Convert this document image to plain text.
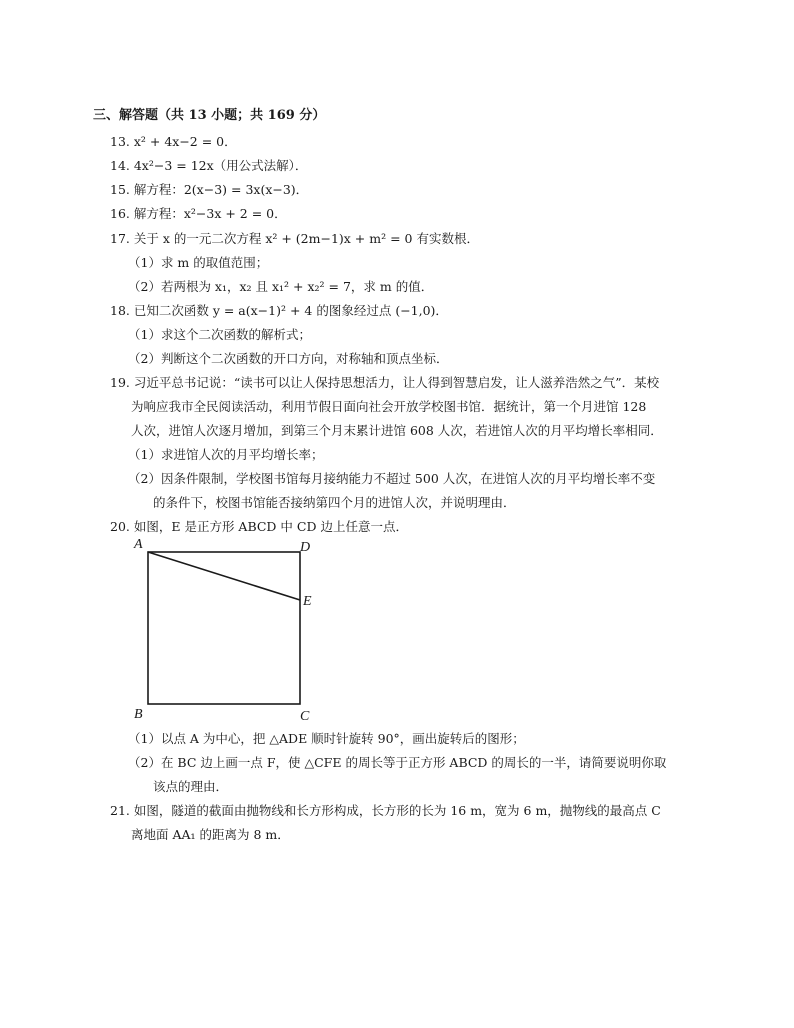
三、解答题（共 13 小题；共 169 分）
13. x² + 4x−2 = 0．
14. 4x²−3 = 12x（用公式法解）．
15. 解方程：2(x−3) = 3x(x−3)．
16. 解方程：x²−3x + 2 = 0．
17. 关于 x 的一元二次方程 x² + (2m−1)x + m² = 0 有实数根．
（1）求 m 的取值范围；
（2）若两根为 x₁，x₂ 且 x₁² + x₂² = 7，求 m 的值．
18. 已知二次函数 y = a(x−1)² + 4 的图象经过点 (−1,0)．
（1）求这个二次函数的解析式；
（2）判断这个二次函数的开口方向，对称轴和顶点坐标．
19. 习近平总书记说：“读书可以让人保持思想活力，让人得到智慧启发，让人滋养浩然之气”．某校
为响应我市全民阅读活动，利用节假日面向社会开放学校图书馆．据统计，第一个月进馆 128
人次，进馆人次逐月增加，到第三个月末累计进馆 608 人次，若进馆人次的月平均增长率相同．
（1）求进馆人次的月平均增长率；
（2）因条件限制，学校图书馆每月接纳能力不超过 500 人次，在进馆人次的月平均增长率不变
的条件下，校图书馆能否接纳第四个月的进馆人次，并说明理由．
20. 如图，E 是正方形 ABCD 中 CD 边上任意一点．
A	D
E
B	C
（1）以点 A 为中心，把 △ADE 顺时针旋转 90°，画出旋转后的图形；
（2）在 BC 边上画一点 F，使 △CFE 的周长等于正方形 ABCD 的周长的一半，请简要说明你取
该点的理由．
21. 如图，隧道的截面由抛物线和长方形构成，长方形的长为 16 m，宽为 6 m，抛物线的最高点 C
离地面 AA₁ 的距离为 8 m．
